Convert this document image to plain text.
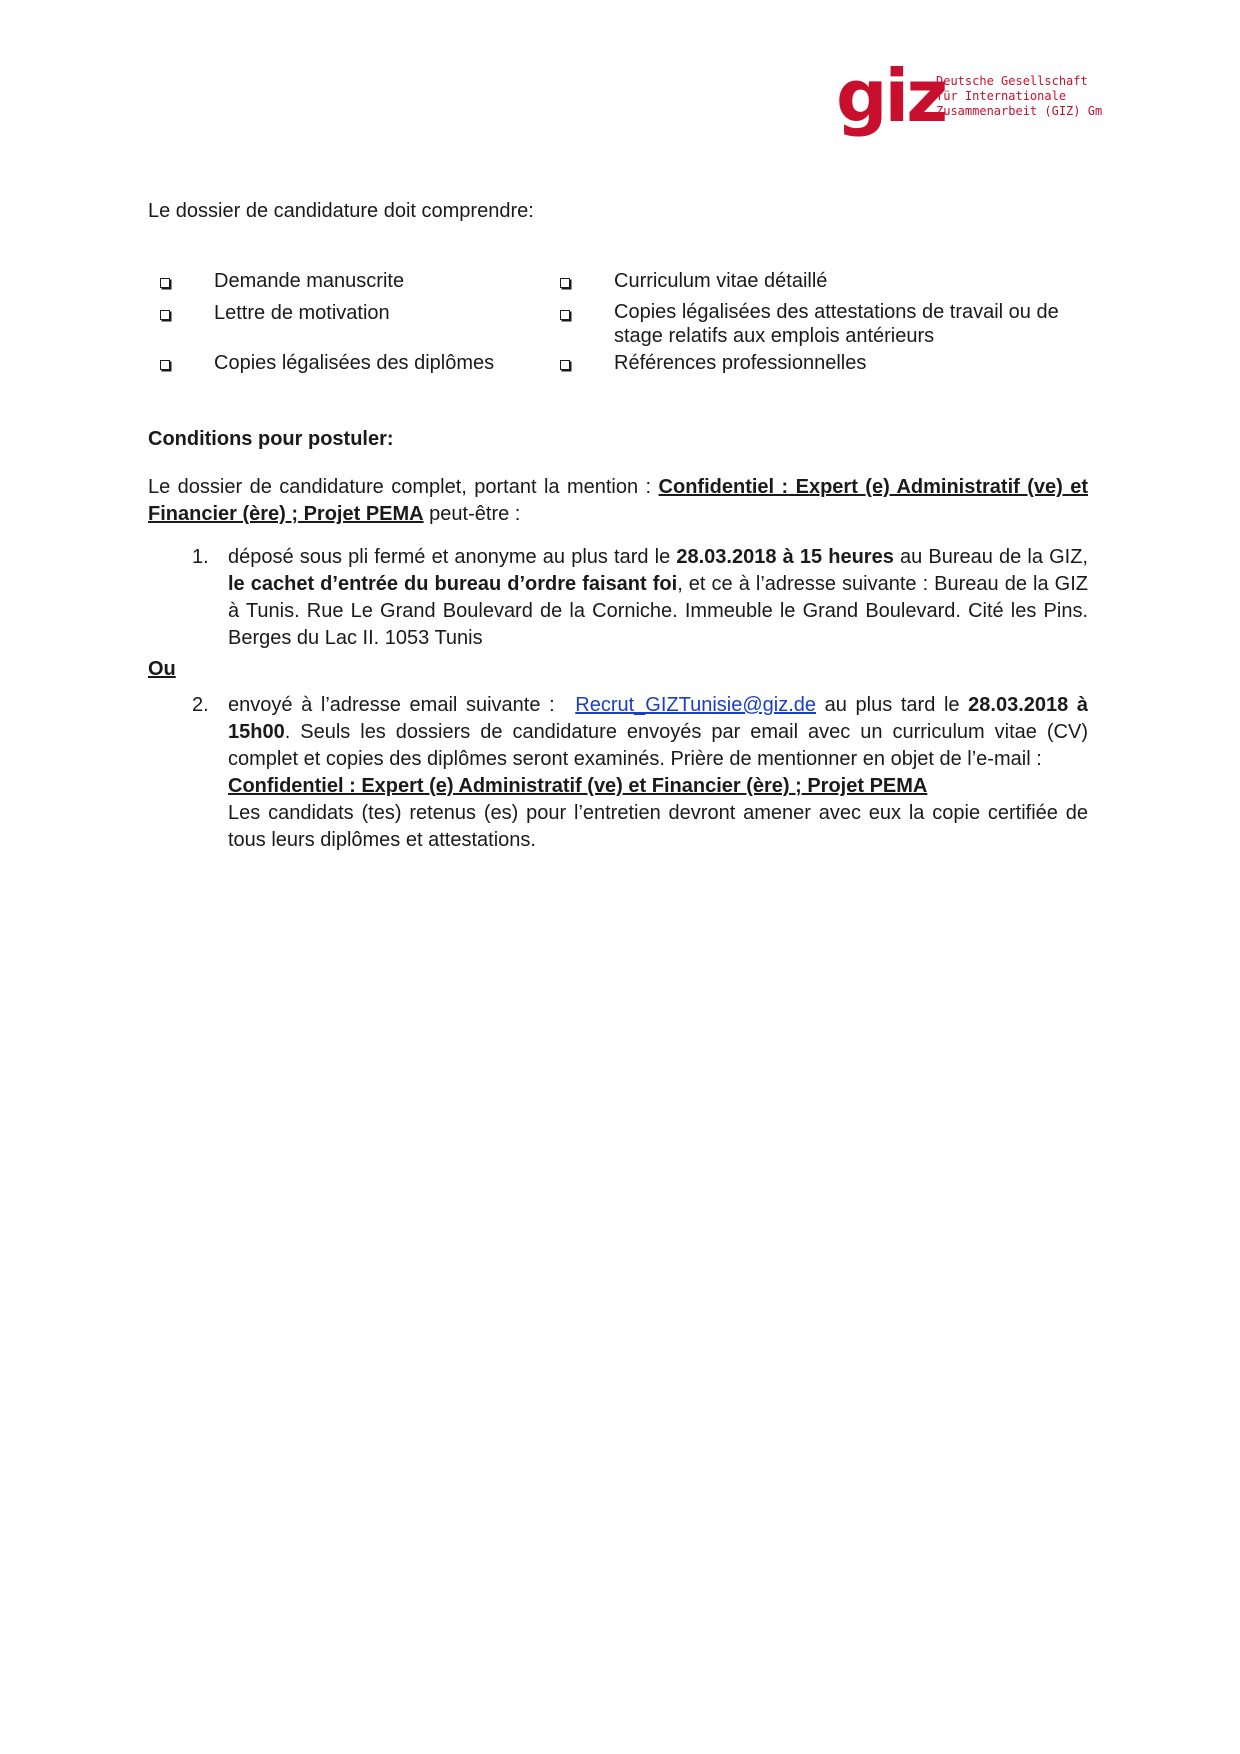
giz
Deutsche Gesellschaft
für Internationale
Zusammenarbeit (GIZ) Gm
Le dossier de candidature doit comprendre:
Demande manuscrite
Lettre de motivation
Copies légalisées des diplômes
Curriculum vitae détaillé
Copies légalisées des attestations de travail ou de stage relatifs aux emplois antérieurs
Références professionnelles
Conditions pour postuler:
Le dossier de candidature complet, portant la mention : Confidentiel : Expert (e) Administratif (ve) et Financier (ère) ; Projet PEMA peut-être :
1. déposé sous pli fermé et anonyme au plus tard le 28.03.2018 à 15 heures au Bureau de la GIZ, le cachet d’entrée du bureau d’ordre faisant foi, et ce à l’adresse suivante : Bureau de la GIZ à Tunis. Rue Le Grand Boulevard de la Corniche. Immeuble le Grand Boulevard. Cité les Pins. Berges du Lac II. 1053 Tunis
Ou
2. envoyé à l’adresse email suivante : Recrut_GIZTunisie@giz.de au plus tard le 28.03.2018 à 15h00. Seuls les dossiers de candidature envoyés par email avec un curriculum vitae (CV) complet et copies des diplômes seront examinés. Prière de mentionner en objet de l’e-mail :
Confidentiel : Expert (e) Administratif (ve) et Financier (ère) ; Projet PEMA
Les candidats (tes) retenus (es) pour l’entretien devront amener avec eux la copie certifiée de tous leurs diplômes et attestations.
